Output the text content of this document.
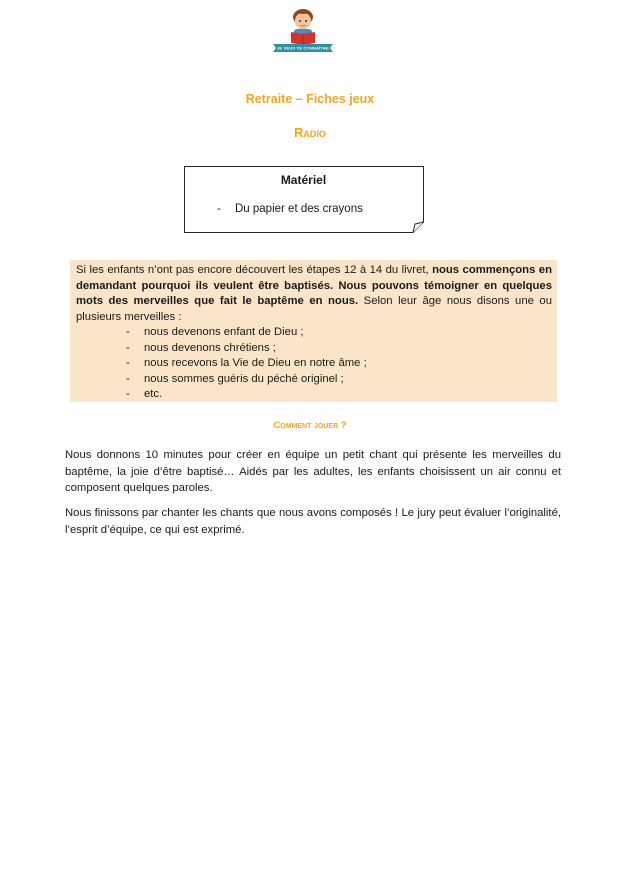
JE VEUX TE CONNAÎTRE
Retraite – Fiches jeux
Radio
Matériel
- Du papier et des crayons
Si les enfants n’ont pas encore découvert les étapes 12 à 14 du livret, nous commençons en demandant pourquoi ils veulent être baptisés. Nous pouvons témoigner en quelques mots des merveilles que fait le baptême en nous. Selon leur âge nous disons une ou plusieurs merveilles :
- nous devenons enfant de Dieu ;
- nous devenons chrétiens ;
- nous recevons la Vie de Dieu en notre âme ;
- nous sommes guéris du péché originel ;
- etc.
Comment jouer ?

Nous donnons 10 minutes pour créer en équipe un petit chant qui présente les merveilles du baptême, la joie d’être baptisé… Aidés par les adultes, les enfants choisissent un air connu et composent quelques paroles.

Nous finissons par chanter les chants que nous avons composés ! Le jury peut évaluer l’originalité, l’esprit d’équipe, ce qui est exprimé.
